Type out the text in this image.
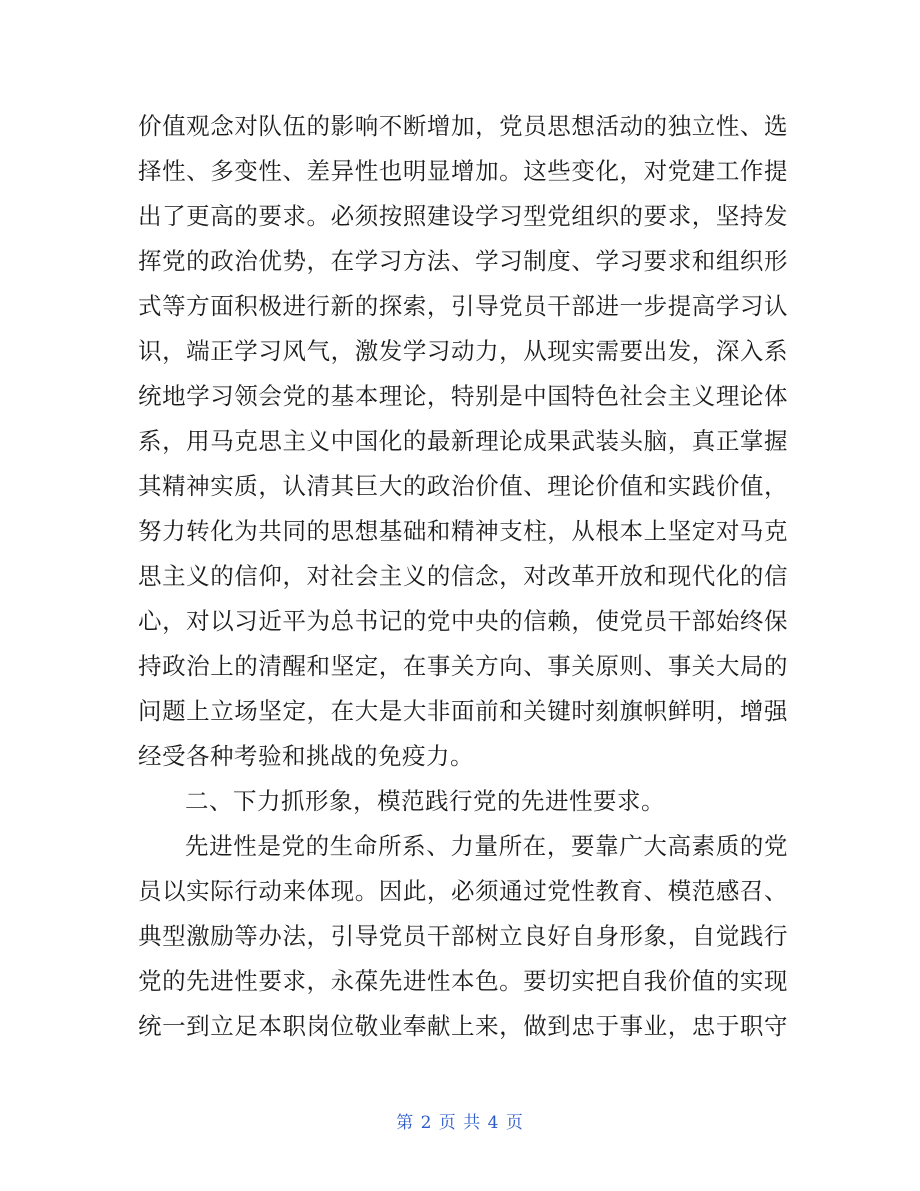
价值观念对队伍的影响不断增加，党员思想活动的独立性、选
择性、多变性、差异性也明显增加。这些变化，对党建工作提
出了更高的要求。必须按照建设学习型党组织的要求，坚持发
挥党的政治优势，在学习方法、学习制度、学习要求和组织形
式等方面积极进行新的探索，引导党员干部进一步提高学习认
识，端正学习风气，激发学习动力，从现实需要出发，深入系
统地学习领会党的基本理论，特别是中国特色社会主义理论体
系，用马克思主义中国化的最新理论成果武装头脑，真正掌握
其精神实质，认清其巨大的政治价值、理论价值和实践价值，
努力转化为共同的思想基础和精神支柱，从根本上坚定对马克
思主义的信仰，对社会主义的信念，对改革开放和现代化的信
心，对以习近平为总书记的党中央的信赖，使党员干部始终保
持政治上的清醒和坚定，在事关方向、事关原则、事关大局的
问题上立场坚定，在大是大非面前和关键时刻旗帜鲜明，增强
经受各种考验和挑战的免疫力。
二、下力抓形象，模范践行党的先进性要求。
先进性是党的生命所系、力量所在，要靠广大高素质的党
员以实际行动来体现。因此，必须通过党性教育、模范感召、
典型激励等办法，引导党员干部树立良好自身形象，自觉践行
党的先进性要求，永葆先进性本色。要切实把自我价值的实现
统一到立足本职岗位敬业奉献上来，做到忠于事业，忠于职守
第 2 页 共 4 页
